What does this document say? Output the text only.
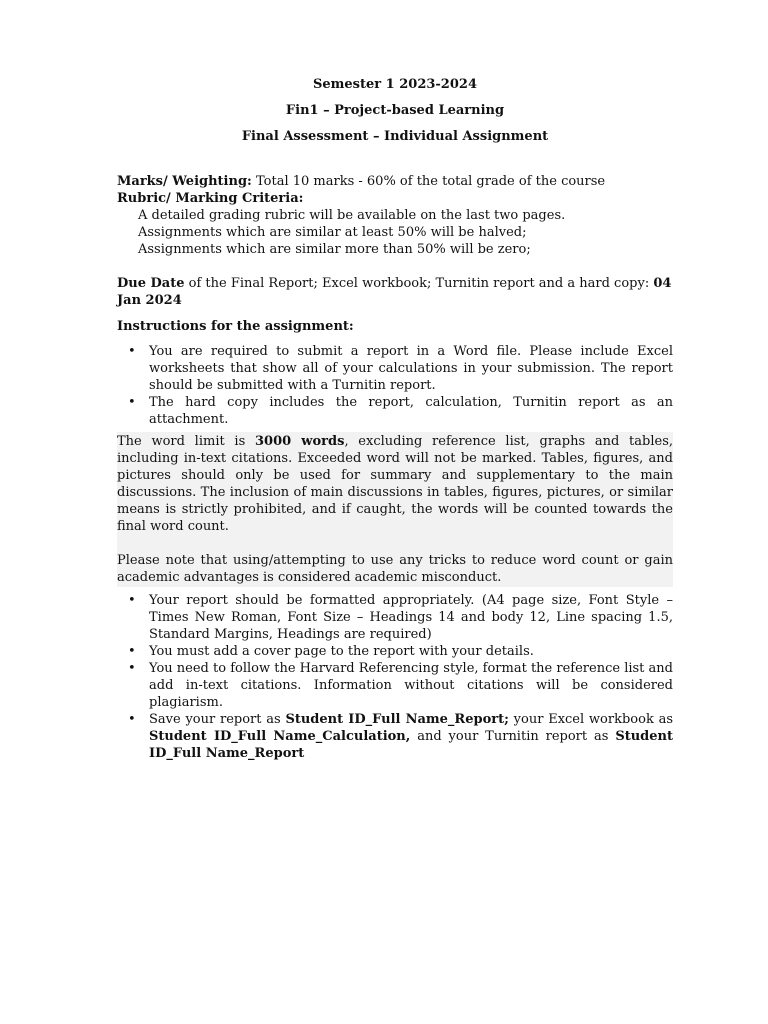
Semester 1 2023-2024

Fin1 – Project-based Learning

Final Assessment – Individual Assignment

Marks/ Weighting: Total 10 marks - 60% of the total grade of the course

Rubric/ Marking Criteria:

A detailed grading rubric will be available on the last two pages.

Assignments which are similar at least 50% will be halved;

Assignments which are similar more than 50% will be zero;

Due Date of the Final Report; Excel workbook; Turnitin report and a hard copy: 04 Jan 2024

Instructions for the assignment:

• You are required to submit a report in a Word file. Please include Excel worksheets that show all of your calculations in your submission. The report should be submitted with a Turnitin report.
• The hard copy includes the report, calculation, Turnitin report as an attachment.

The word limit is 3000 words, excluding reference list, graphs and tables, including in-text citations. Exceeded word will not be marked. Tables, figures, and pictures should only be used for summary and supplementary to the main discussions. The inclusion of main discussions in tables, figures, pictures, or similar means is strictly prohibited, and if caught, the words will be counted towards the final word count.

Please note that using/attempting to use any tricks to reduce word count or gain academic advantages is considered academic misconduct.

• Your report should be formatted appropriately. (A4 page size, Font Style – Times New Roman, Font Size – Headings 14 and body 12, Line spacing 1.5, Standard Margins, Headings are required)
• You must add a cover page to the report with your details.
• You need to follow the Harvard Referencing style, format the reference list and add in-text citations. Information without citations will be considered plagiarism.
• Save your report as Student ID_Full Name_Report; your Excel workbook as Student ID_Full Name_Calculation, and your Turnitin report as Student ID_Full Name_Report
